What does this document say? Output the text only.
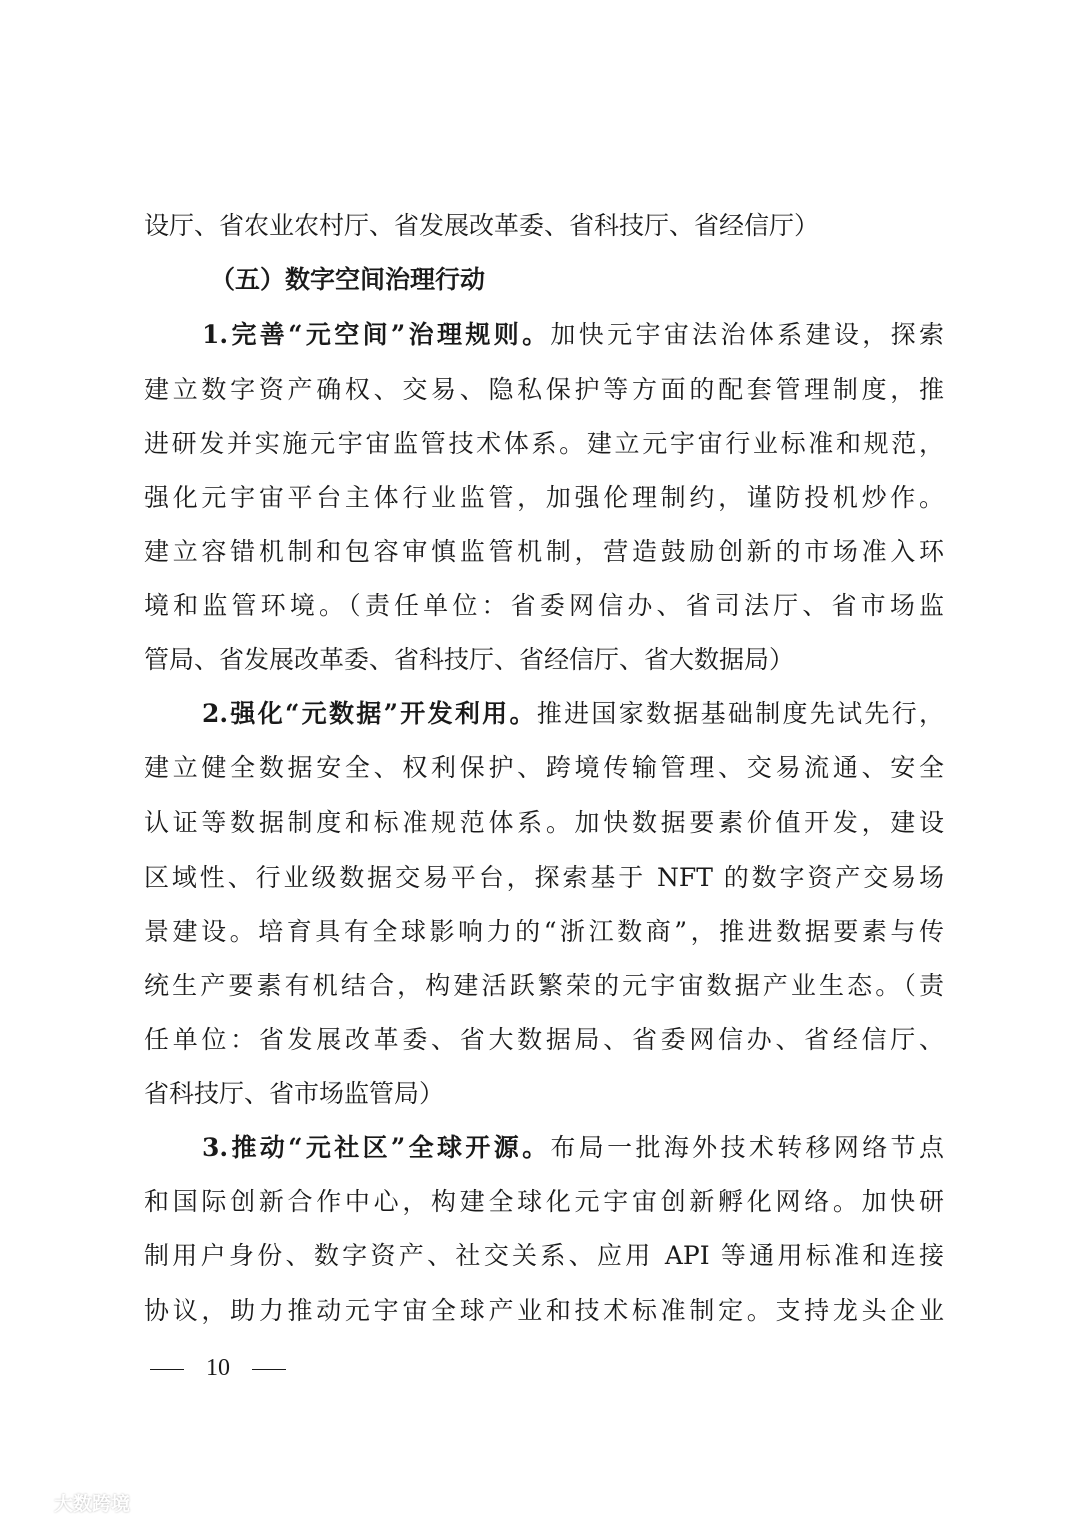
设厅、省农业农村厅、省发展改革委、省科技厅、省经信厅）
（五）数字空间治理行动
1.完善“元空间”治理规则。加快元宇宙法治体系建设，探索
建立数字资产确权、交易、隐私保护等方面的配套管理制度，推
进研发并实施元宇宙监管技术体系。建立元宇宙行业标准和规范，
强化元宇宙平台主体行业监管，加强伦理制约，谨防投机炒作。
建立容错机制和包容审慎监管机制，营造鼓励创新的市场准入环
境和监管环境。（责任单位：省委网信办、省司法厅、省市场监
管局、省发展改革委、省科技厅、省经信厅、省大数据局）
2.强化“元数据”开发利用。推进国家数据基础制度先试先行，
建立健全数据安全、权利保护、跨境传输管理、交易流通、安全
认证等数据制度和标准规范体系。加快数据要素价值开发，建设
区域性、行业级数据交易平台，探索基于 NFT 的数字资产交易场
景建设。培育具有全球影响力的“浙江数商”，推进数据要素与传
统生产要素有机结合，构建活跃繁荣的元宇宙数据产业生态。（责
任单位：省发展改革委、省大数据局、省委网信办、省经信厅、
省科技厅、省市场监管局）
3.推动“元社区”全球开源。布局一批海外技术转移网络节点
和国际创新合作中心，构建全球化元宇宙创新孵化网络。加快研
制用户身份、数字资产、社交关系、应用 API 等通用标准和连接
协议，助力推动元宇宙全球产业和技术标准制定。支持龙头企业
10
大数跨境
